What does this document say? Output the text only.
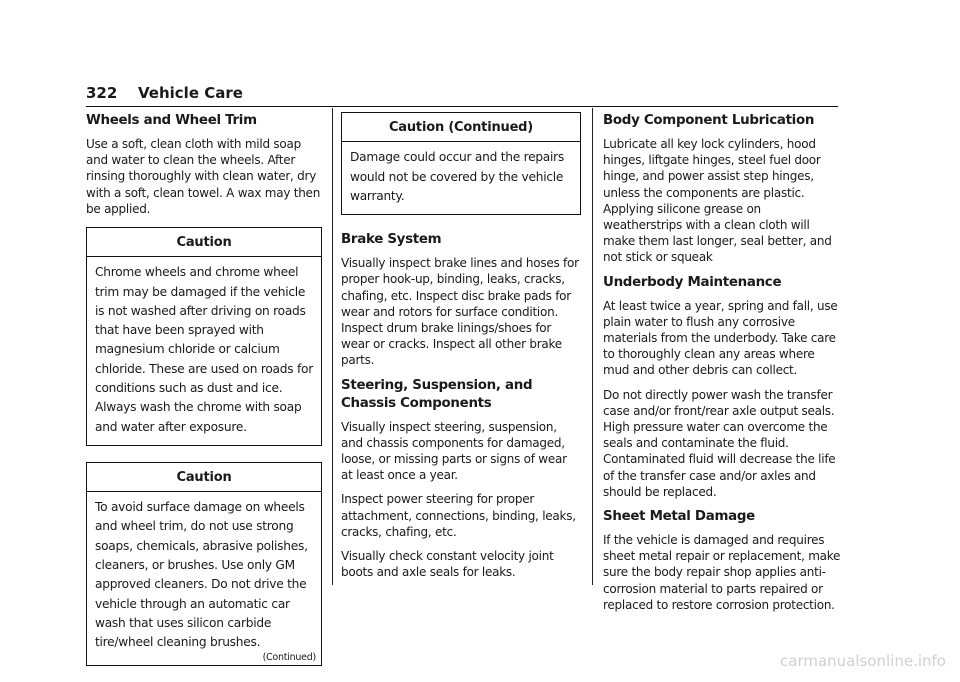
322 Vehicle Care
Wheels and Wheel Trim

Use a soft, clean cloth with mild soap and water to clean the wheels. After rinsing thoroughly with clean water, dry with a soft, clean towel. A wax may then be applied.

Caution
Chrome wheels and chrome wheel trim may be damaged if the vehicle is not washed after driving on roads that have been sprayed with magnesium chloride or calcium chloride. These are used on roads for conditions such as dust and ice. Always wash the chrome with soap and water after exposure.
Caution
To avoid surface damage on wheels and wheel trim, do not use strong soaps, chemicals, abrasive polishes, cleaners, or brushes. Use only GM approved cleaners. Do not drive the vehicle through an automatic car wash that uses silicon carbide tire/wheel cleaning brushes.
(Continued)
Caution (Continued)
Damage could occur and the repairs would not be covered by the vehicle warranty.
Brake System

Visually inspect brake lines and hoses for proper hook-up, binding, leaks, cracks, chafing, etc. Inspect disc brake pads for wear and rotors for surface condition. Inspect drum brake linings/shoes for wear or cracks. Inspect all other brake parts.

Steering, Suspension, and Chassis Components

Visually inspect steering, suspension, and chassis components for damaged, loose, or missing parts or signs of wear at least once a year.

Inspect power steering for proper attachment, connections, binding, leaks, cracks, chafing, etc.

Visually check constant velocity joint boots and axle seals for leaks.

Body Component Lubrication

Lubricate all key lock cylinders, hood hinges, liftgate hinges, steel fuel door hinge, and power assist step hinges, unless the components are plastic. Applying silicone grease on weatherstrips with a clean cloth will make them last longer, seal better, and not stick or squeak

Underbody Maintenance

At least twice a year, spring and fall, use plain water to flush any corrosive materials from the underbody. Take care to thoroughly clean any areas where mud and other debris can collect.

Do not directly power wash the transfer case and/or front/rear axle output seals. High pressure water can overcome the seals and contaminate the fluid. Contaminated fluid will decrease the life of the transfer case and/or axles and should be replaced.

Sheet Metal Damage

If the vehicle is damaged and requires sheet metal repair or replacement, make sure the body repair shop applies anti-corrosion material to parts repaired or replaced to restore corrosion protection.

carmanualsonline.info
